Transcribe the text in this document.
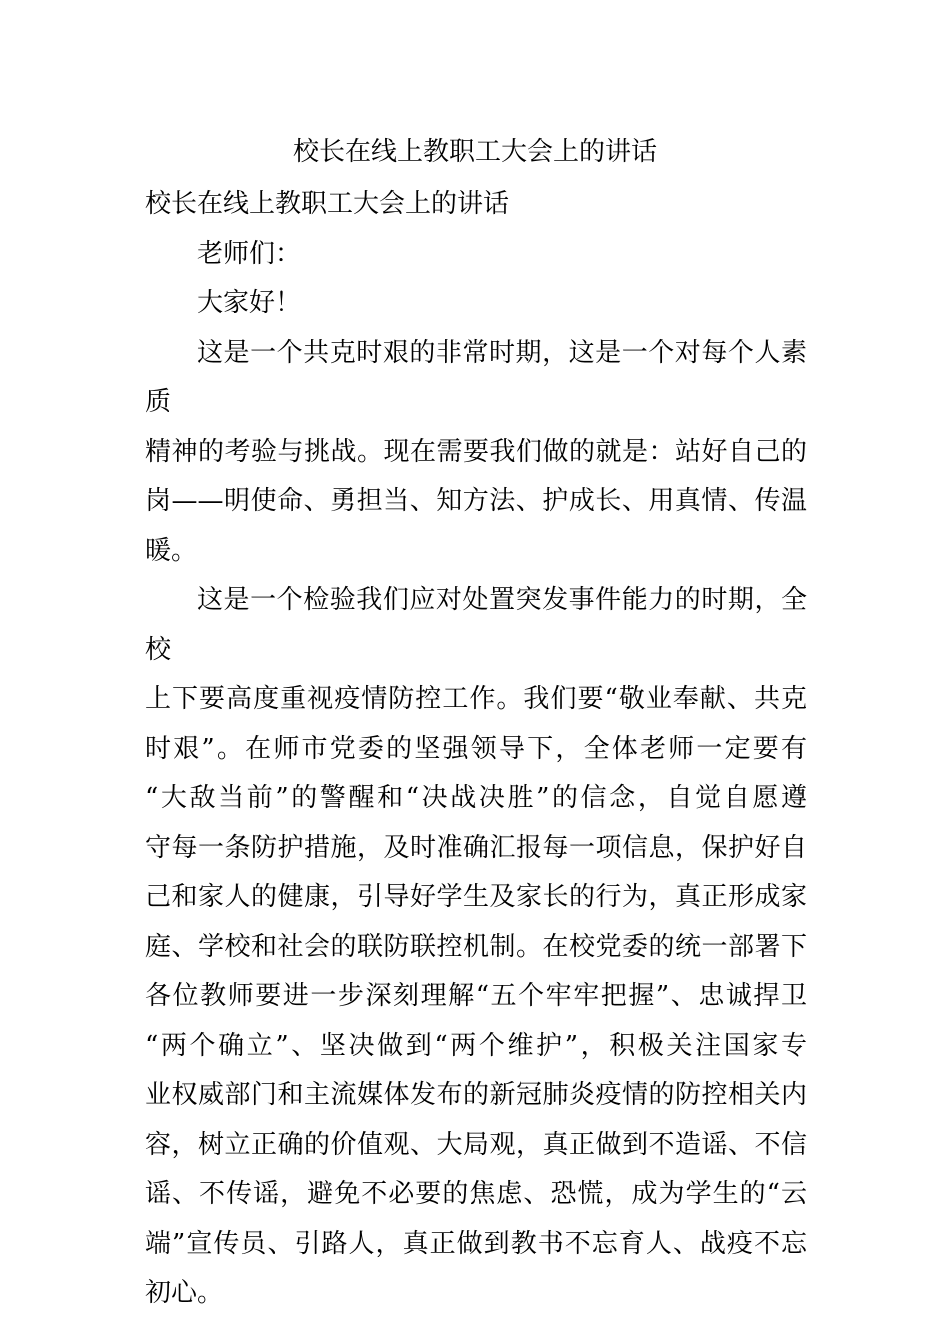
校长在线上教职工大会上的讲话

校长在线上教职工大会上的讲话

老师们：

大家好！

这是一个共克时艰的非常时期，这是一个对每个人素质

精神的考验与挑战。现在需要我们做的就是：站好自己的

岗——明使命、勇担当、知方法、护成长、用真情、传温

暖。

这是一个检验我们应对处置突发事件能力的时期，全校

上下要高度重视疫情防控工作。我们要“敬业奉献、共克

时艰”。在师市党委的坚强领导下，全体老师一定要有

“大敌当前”的警醒和“决战决胜”的信念，自觉自愿遵

守每一条防护措施，及时准确汇报每一项信息，保护好自

己和家人的健康，引导好学生及家长的行为，真正形成家

庭、学校和社会的联防联控机制。在校党委的统一部署下

各位教师要进一步深刻理解“五个牢牢把握”、忠诚捍卫

“两个确立”、坚决做到“两个维护”，积极关注国家专

业权威部门和主流媒体发布的新冠肺炎疫情的防控相关内

容，树立正确的价值观、大局观，真正做到不造谣、不信

谣、不传谣，避免不必要的焦虑、恐慌，成为学生的“云

端”宣传员、引路人，真正做到教书不忘育人、战疫不忘

初心。
